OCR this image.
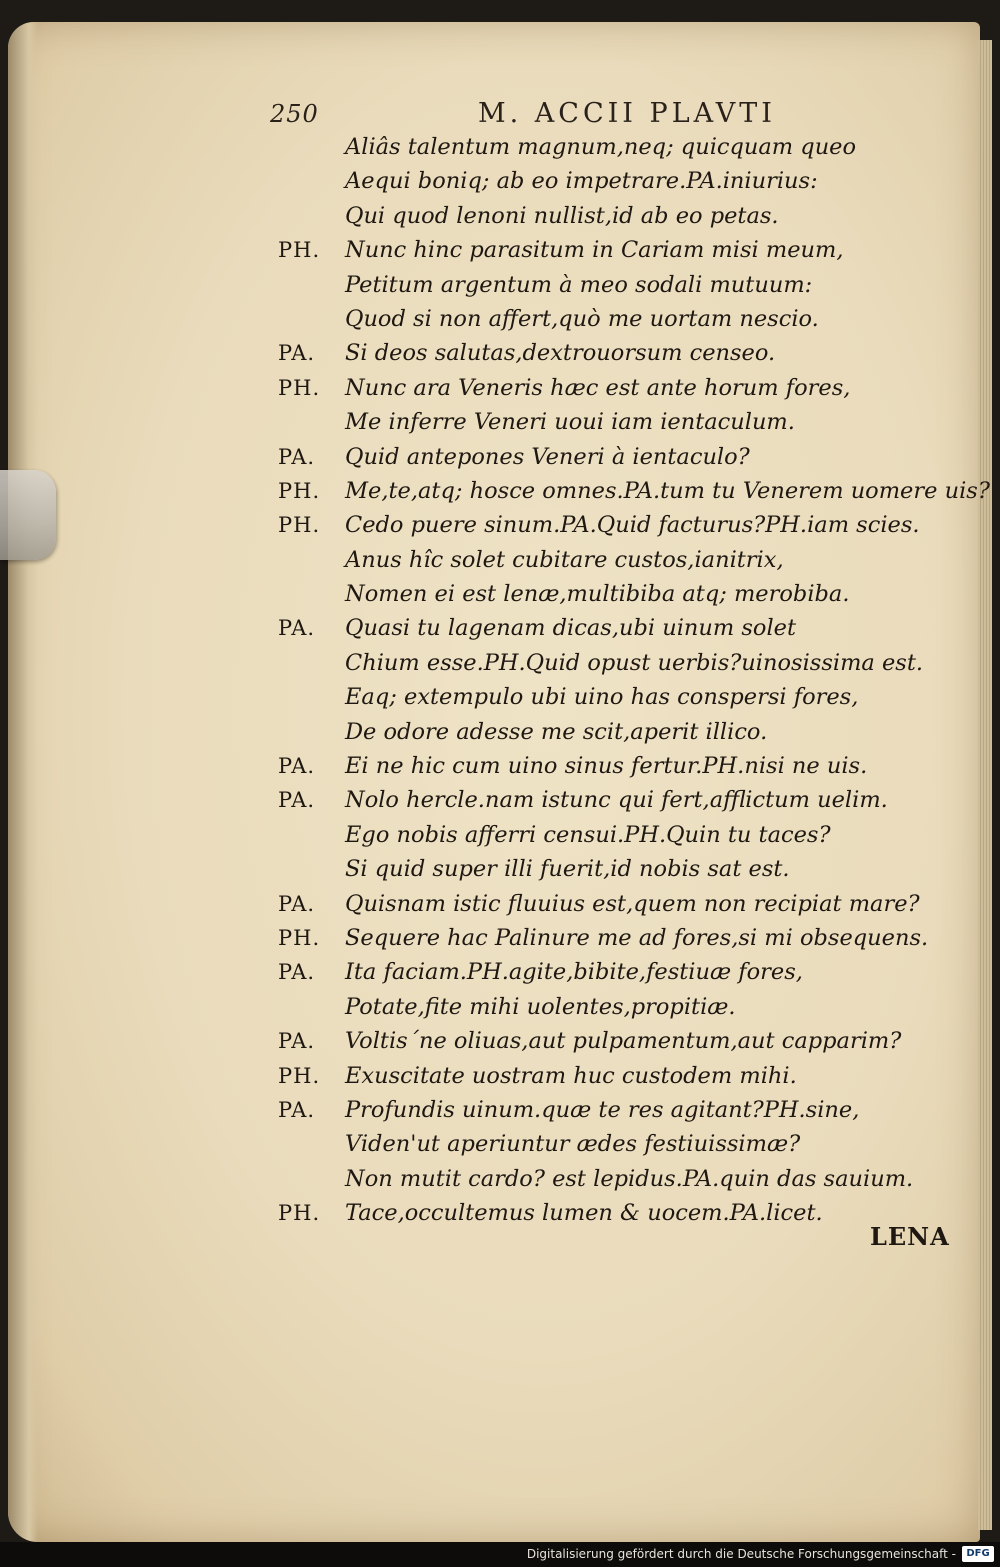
250	M. ACCII PLAVTI
Aliâs talentum magnum,neq; quicquam queo
Aequi boniq; ab eo impetrare.PA.iniurius:
Qui quod lenoni nullist,id ab eo petas.
PH.	Nunc hinc parasitum in Cariam misi meum,
Petitum argentum à meo sodali mutuum:
Quod si non affert,quò me uortam nescio.
PA.	Si deos salutas,dextrouorsum censeo.
PH.	Nunc ara Veneris hæc est ante horum fores,
Me inferre Veneri uoui iam ientaculum.
PA.	Quid antepones Veneri à ientaculo?
PH.	Me,te,atq; hosce omnes.PA.tum tu Venerem uomere uis?
PH.	Cedo puere sinum.PA.Quid facturus?PH.iam scies.
Anus hîc solet cubitare custos,ianitrix,
Nomen ei est lenæ,multibiba atq; merobiba.
PA.	Quasi tu lagenam dicas,ubi uinum solet
Chium esse.PH.Quid opust uerbis?uinosissima est.
Eaq; extempulo ubi uino has conspersi fores,
De odore adesse me scit,aperit illico.
PA.	Ei ne hic cum uino sinus fertur.PH.nisi ne uis.
PA.	Nolo hercle.nam istunc qui fert,afflictum uelim.
Ego nobis afferri censui.PH.Quin tu taces?
Si quid super illi fuerit,id nobis sat est.
PA.	Quisnam istic fluuius est,quem non recipiat mare?
PH.	Sequere hac Palinure me ad fores,si mi obsequens.
PA.	Ita faciam.PH.agite,bibite,festiuæ fores,
Potate,fite mihi uolentes,propitiæ.
PA.	Voltis´ne oliuas,aut pulpamentum,aut capparim?
PH.	Exuscitate uostram huc custodem mihi.
PA.	Profundis uinum.quæ te res agitant?PH.sine,
Viden'ut aperiuntur ædes festiuissimæ?
Non mutit cardo? est lepidus.PA.quin das sauium.
PH.	Tace,occultemus lumen & uocem.PA.licet.
LENA
Digitalisierung gefördert durch die Deutsche Forschungsgemeinschaft -	DFG
